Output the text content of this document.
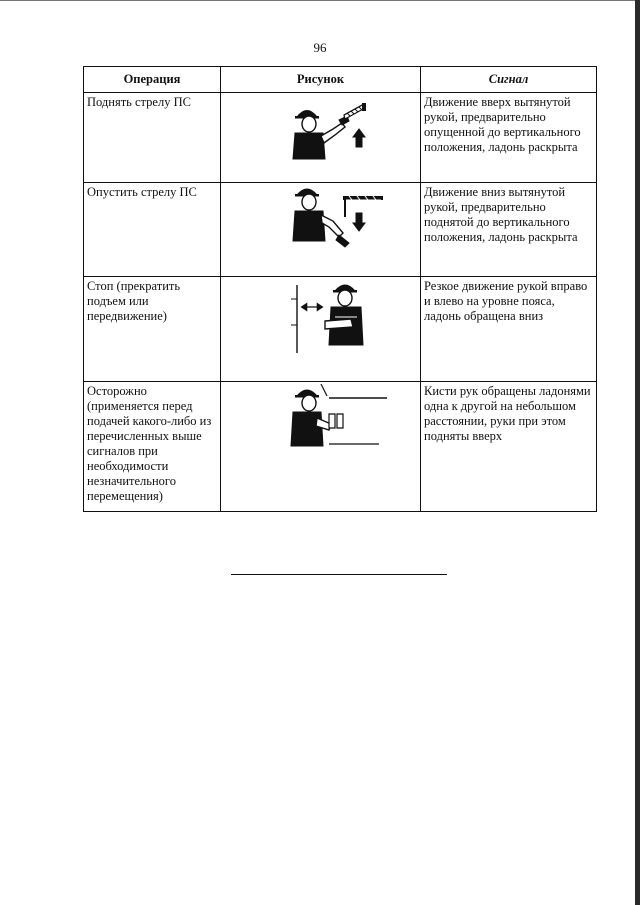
96
Операция	Рисунок	Сигнал
Поднять стрелу ПС		Движение вверх вытянутой рукой, предварительно опущенной до вертикального положения, ладонь раскрыта
Опустить стрелу ПС		Движение вниз вытянутой рукой, предварительно поднятой до вертикального положения, ладонь раскрыта
Стоп (прекратить подъем или передвижение)		Резкое движение рукой вправо и влево на уровне пояса, ладонь обращена вниз
Осторожно (применяется перед подачей какого-либо из перечисленных выше сигналов при необходимости незначительного перемещения)		Кисти рук обращены ладонями одна к другой на небольшом расстоянии, руки при этом подняты вверх
